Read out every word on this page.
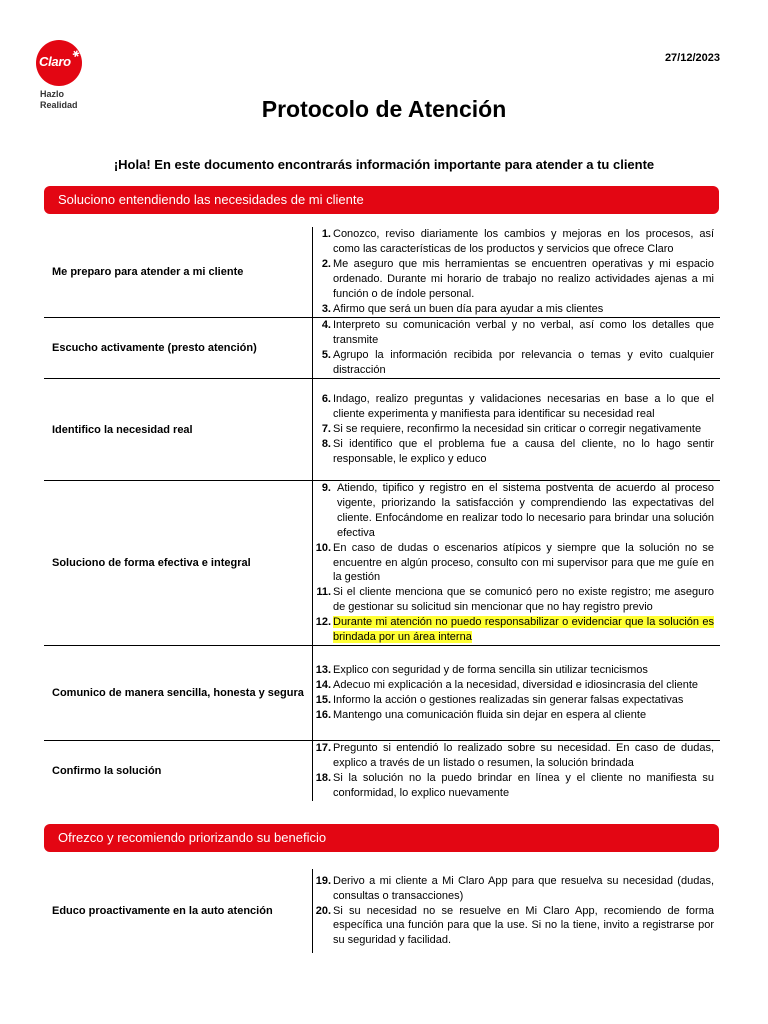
Claro ✱
Hazlo
Realidad
27/12/2023
Protocolo de Atención
¡Hola! En este documento encontrarás información importante para atender a tu cliente
Soluciono entendiendo las necesidades de mi cliente
Me preparo para atender a mi cliente
1. Conozco, reviso diariamente los cambios y mejoras en los procesos, así como las características de los productos y servicios que ofrece Claro
2. Me aseguro que mis herramientas se encuentren operativas y mi espacio ordenado. Durante mi horario de trabajo no realizo actividades ajenas a mi función o de índole personal.
3. Afirmo que será un buen día para ayudar a mis clientes
Escucho activamente (presto atención)
4. Interpreto su comunicación verbal y no verbal, así como los detalles que transmite
5. Agrupo la información recibida por relevancia o temas y evito cualquier distracción
Identifico la necesidad real
6. Indago, realizo preguntas y validaciones necesarias en base a lo que el cliente experimenta y manifiesta para identificar su necesidad real
7. Si se requiere, reconfirmo la necesidad sin criticar o corregir negativamente
8. Si identifico que el problema fue a causa del cliente, no lo hago sentir responsable, le explico y educo
Soluciono de forma efectiva e integral
9. Atiendo, tipifico y registro en el sistema postventa de acuerdo al proceso vigente, priorizando la satisfacción y comprendiendo las expectativas del cliente. Enfocándome en realizar todo lo necesario para brindar una solución efectiva
10. En caso de dudas o escenarios atípicos y siempre que la solución no se encuentre en algún proceso, consulto con mi supervisor para que me guíe en la gestión
11. Si el cliente menciona que se comunicó pero no existe registro; me aseguro de gestionar su solicitud sin mencionar que no hay registro previo
12. Durante mi atención no puedo responsabilizar o evidenciar que la solución es brindada por un área interna
Comunico de manera sencilla, honesta y segura
13. Explico con seguridad y de forma sencilla sin utilizar tecnicismos
14. Adecuo mi explicación a la necesidad, diversidad e idiosincrasia del cliente
15. Informo la acción o gestiones realizadas sin generar falsas expectativas
16. Mantengo una comunicación fluida sin dejar en espera al cliente
Confirmo la solución
17. Pregunto si entendió lo realizado sobre su necesidad. En caso de dudas, explico a través de un listado o resumen, la solución brindada
18. Si la solución no la puedo brindar en línea y el cliente no manifiesta su conformidad, lo explico nuevamente
Ofrezco y recomiendo priorizando su beneficio
Educo proactivamente en la auto atención
19. Derivo a mi cliente a Mi Claro App para que resuelva su necesidad (dudas, consultas o transacciones)
20. Si su necesidad no se resuelve en Mi Claro App, recomiendo de forma específica una función para que la use. Si no la tiene, invito a registrarse por su seguridad y facilidad.
